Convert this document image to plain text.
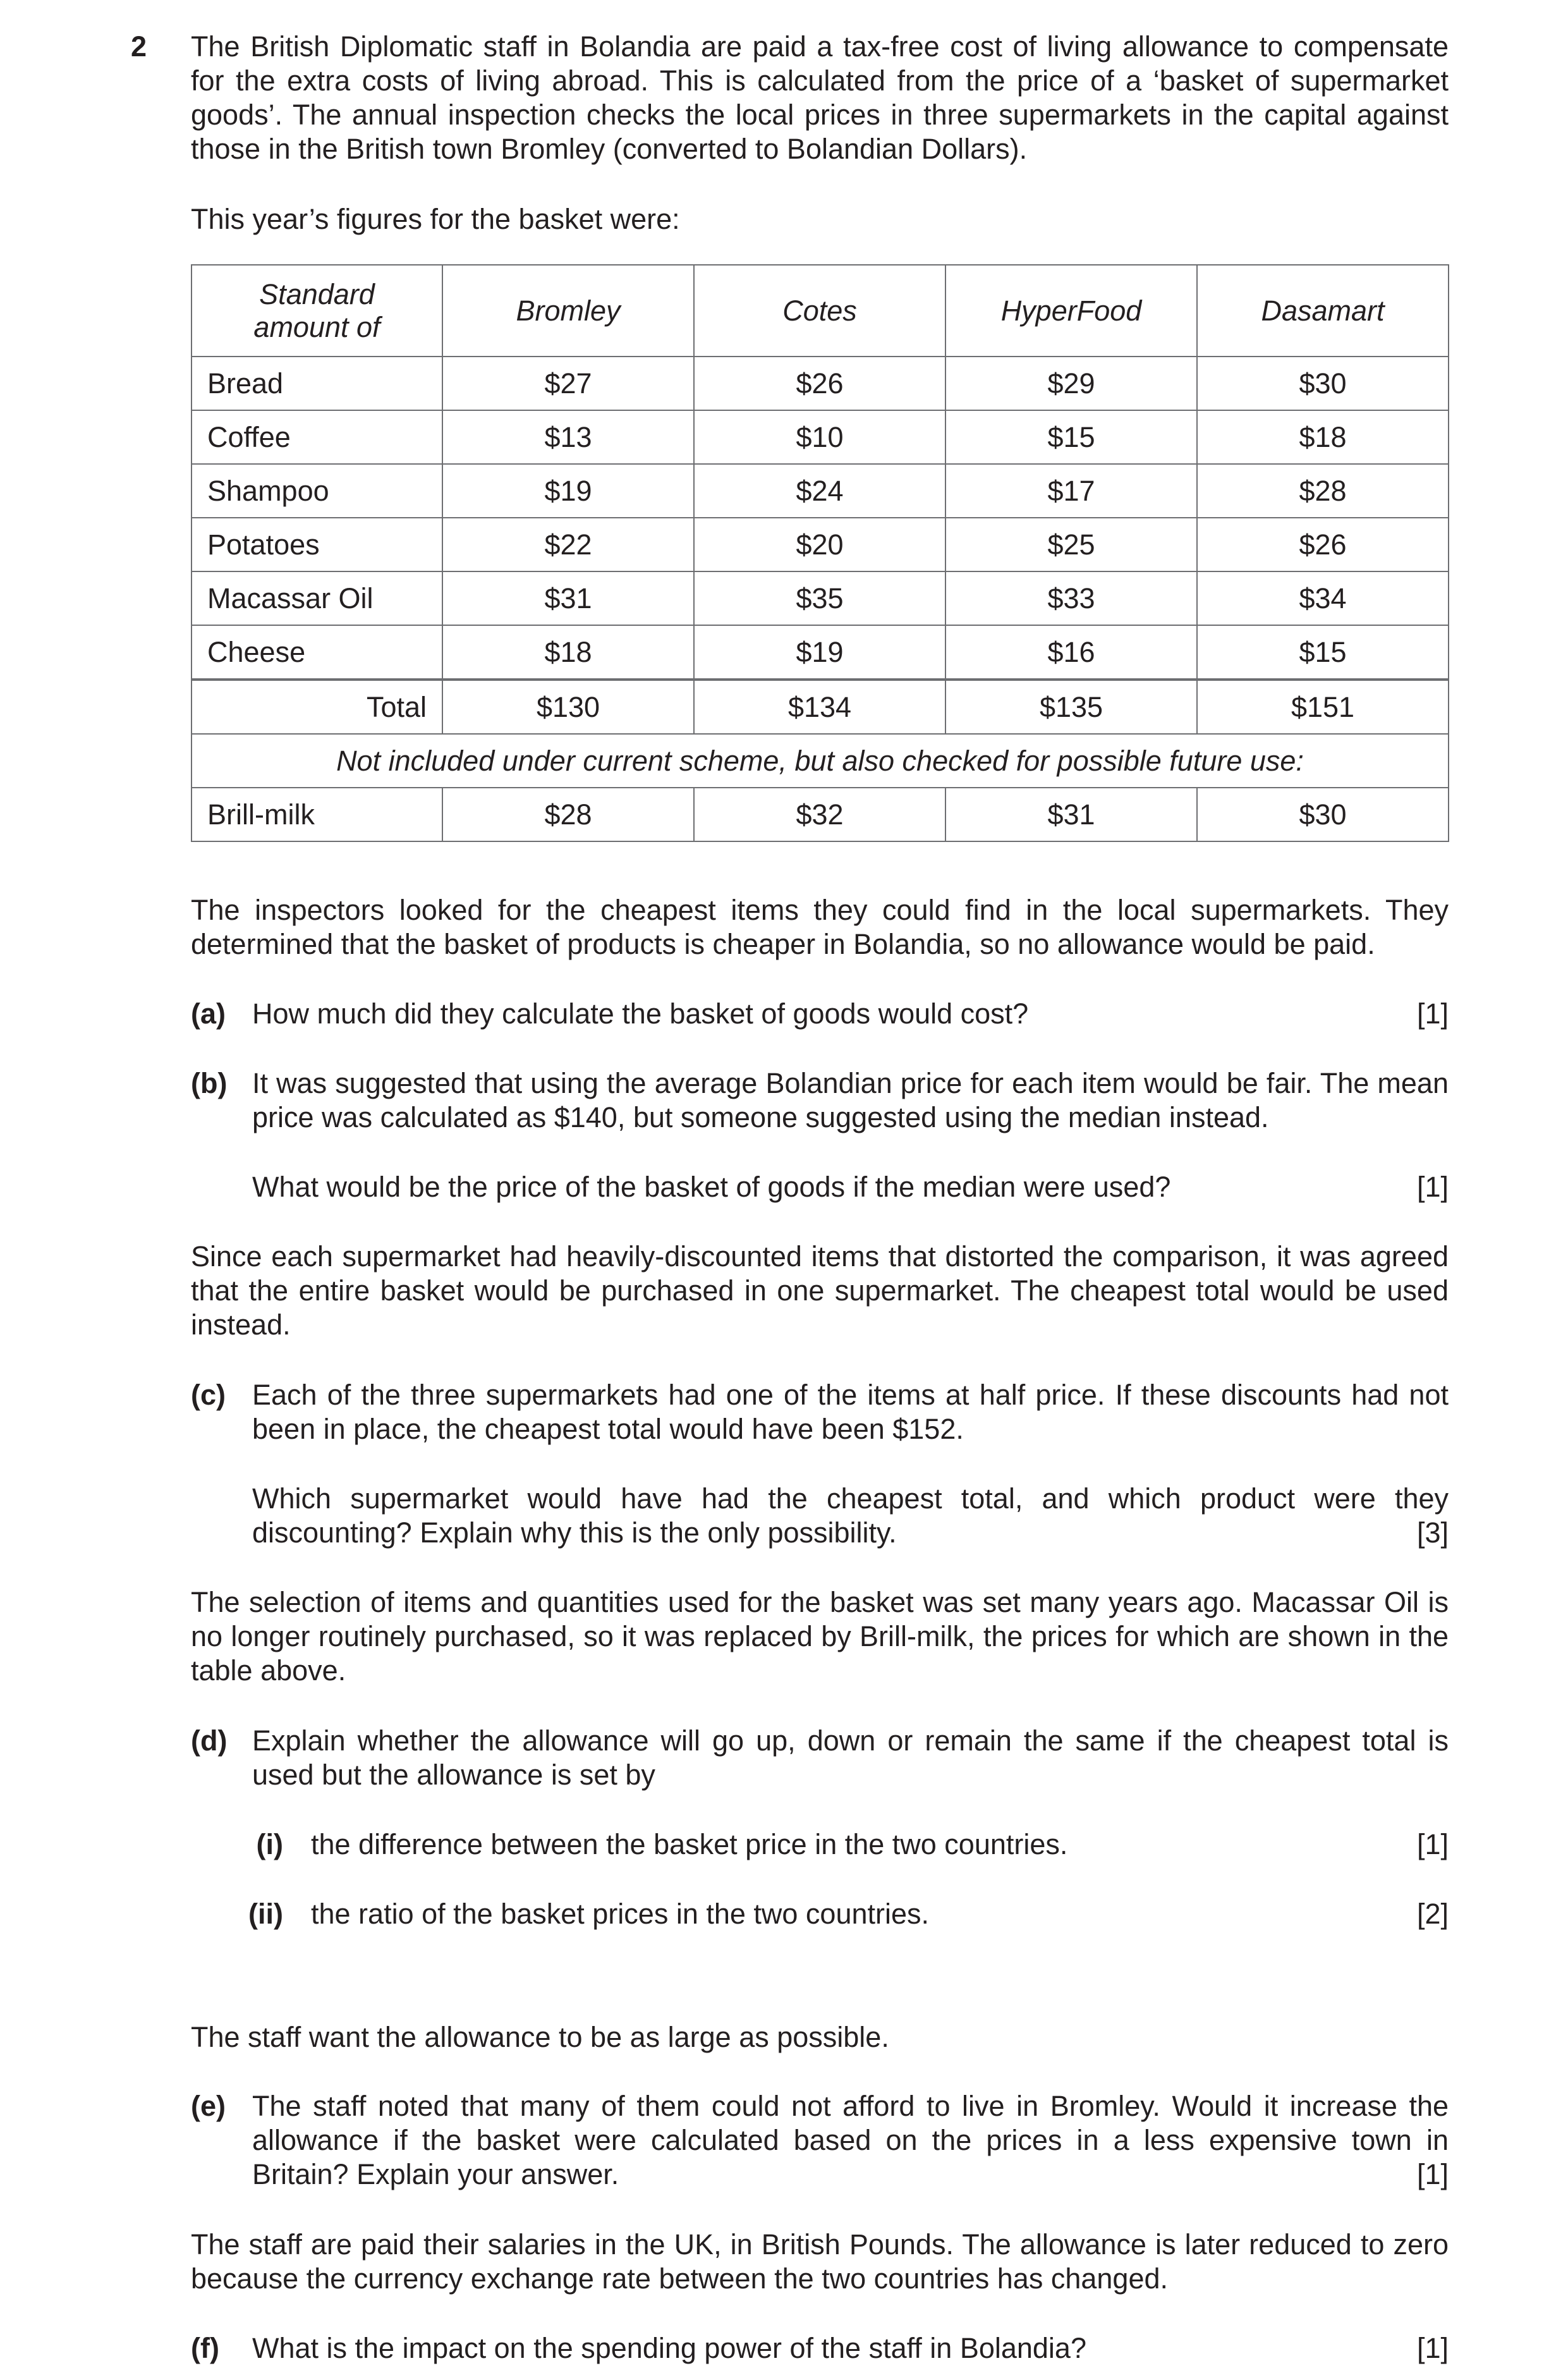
2 The British Diplomatic staff in Bolandia are paid a tax-free cost of living allowance to compensate for the extra costs of living abroad. This is calculated from the price of a ‘basket of supermarket goods’. The annual inspection checks the local prices in three supermarkets in the capital against those in the British town Bromley (converted to Bolandian Dollars).

This year’s figures for the basket were:

Standard amount of	Bromley	Cotes	HyperFood	Dasamart
Bread	$27	$26	$29	$30
Coffee	$13	$10	$15	$18
Shampoo	$19	$24	$17	$28
Potatoes	$22	$20	$25	$26
Macassar Oil	$31	$35	$33	$34
Cheese	$18	$19	$16	$15
Total	$130	$134	$135	$151
Not included under current scheme, but also checked for possible future use:				
Brill-milk	$28	$32	$31	$30

The inspectors looked for the cheapest items they could find in the local supermarkets. They determined that the basket of products is cheaper in Bolandia, so no allowance would be paid.

(a) How much did they calculate the basket of goods would cost?	[1]
(b) It was suggested that using the average Bolandian price for each item would be fair. The mean price was calculated as $140, but someone suggested using the median instead.
What would be the price of the basket of goods if the median were used?	[1]

Since each supermarket had heavily-discounted items that distorted the comparison, it was agreed that the entire basket would be purchased in one supermarket. The cheapest total would be used instead.

(c) Each of the three supermarkets had one of the items at half price. If these discounts had not been in place, the cheapest total would have been $152.
Which supermarket would have had the cheapest total, and which product were they discounting? Explain why this is the only possibility.	[3]

The selection of items and quantities used for the basket was set many years ago. Macassar Oil is no longer routinely purchased, so it was replaced by Brill-milk, the prices for which are shown in the table above.

(d) Explain whether the allowance will go up, down or remain the same if the cheapest total is used but the allowance is set by
(i) the difference between the basket price in the two countries.	[1]
(ii) the ratio of the basket prices in the two countries.	[2]

The staff want the allowance to be as large as possible.

(e) The staff noted that many of them could not afford to live in Bromley. Would it increase the allowance if the basket were calculated based on the prices in a less expensive town in Britain? Explain your answer.	[1]

The staff are paid their salaries in the UK, in British Pounds. The allowance is later reduced to zero because the currency exchange rate between the two countries has changed.

(f) What is the impact on the spending power of the staff in Bolandia?	[1]
